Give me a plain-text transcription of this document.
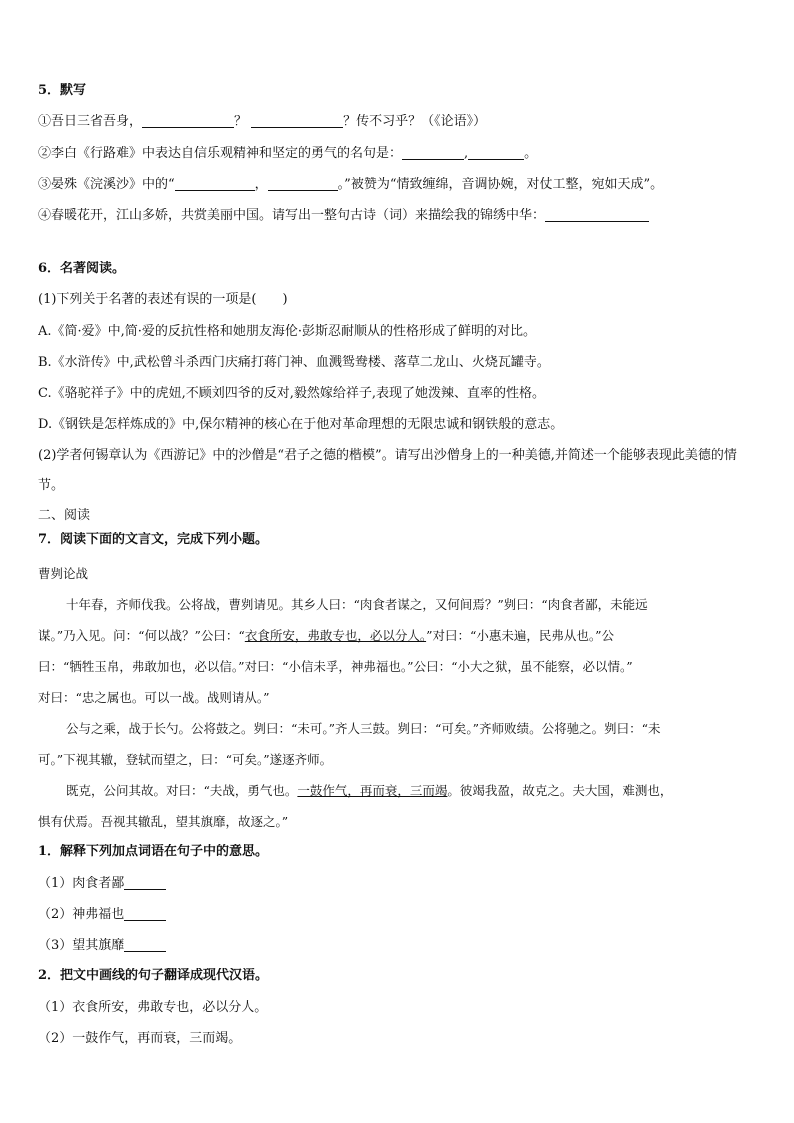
5．默写
①吾日三省吾身，	？	？传不习乎？（《论语》）
②李白《行路难》中表达自信乐观精神和坚定的勇气的名句是：	,	。
③晏殊《浣溪沙》中的“	，	。”被赞为“情致缠绵，音调协婉，对仗工整，宛如天成”。
④春暖花开，江山多娇，共赏美丽中国。请写出一整句古诗（词）来描绘我的锦绣中华：
6．名著阅读。
(1)下列关于名著的表述有误的一项是(　　)
A.《简·爱》中,简·爱的反抗性格和她朋友海伦·彭斯忍耐顺从的性格形成了鲜明的对比。
B.《水浒传》中,武松曾斗杀西门庆痛打蒋门神、血溅鸳鸯楼、落草二龙山、火烧瓦罐寺。
C.《骆驼祥子》中的虎妞,不顾刘四爷的反对,毅然嫁给祥子,表现了她泼辣、直率的性格。
D.《钢铁是怎样炼成的》中,保尔精神的核心在于他对革命理想的无限忠诚和钢铁般的意志。
(2)学者何锡章认为《西游记》中的沙僧是“君子之德的楷模”。请写出沙僧身上的一种美德,并简述一个能够表现此美德的情节。
二、阅读
7．阅读下面的文言文，完成下列小题。
曹刿论战
十年春，齐师伐我。公将战，曹刿请见。其乡人曰：“肉食者谋之，又何间焉？”刿曰：“肉食者鄙，未能远
谋。”乃入见。问：“何以战？”公曰：“衣食所安，弗敢专也，必以分人。”对曰：“小惠未遍，民弗从也。”公
曰：“牺牲玉帛，弗敢加也，必以信。”对曰：“小信未孚，神弗福也。”公曰：“小大之狱，虽不能察，必以情。”
对曰：“忠之属也。可以一战。战则请从。”
公与之乘，战于长勺。公将鼓之。刿曰：“未可。”齐人三鼓。刿曰：“可矣。”齐师败绩。公将驰之。刿曰：“未
可。”下视其辙，登轼而望之，曰：“可矣。”遂逐齐师。
既克，公问其故。对曰：“夫战，勇气也。一鼓作气，再而衰，三而竭。彼竭我盈，故克之。夫大国，难测也，
惧有伏焉。吾视其辙乱，望其旗靡，故逐之。”
1．解释下列加点词语在句子中的意思。
（1）肉食者鄙
（2）神弗福也
（3）望其旗靡
2．把文中画线的句子翻译成现代汉语。
（1）衣食所安，弗敢专也，必以分人。
（2）一鼓作气，再而衰，三而竭。
